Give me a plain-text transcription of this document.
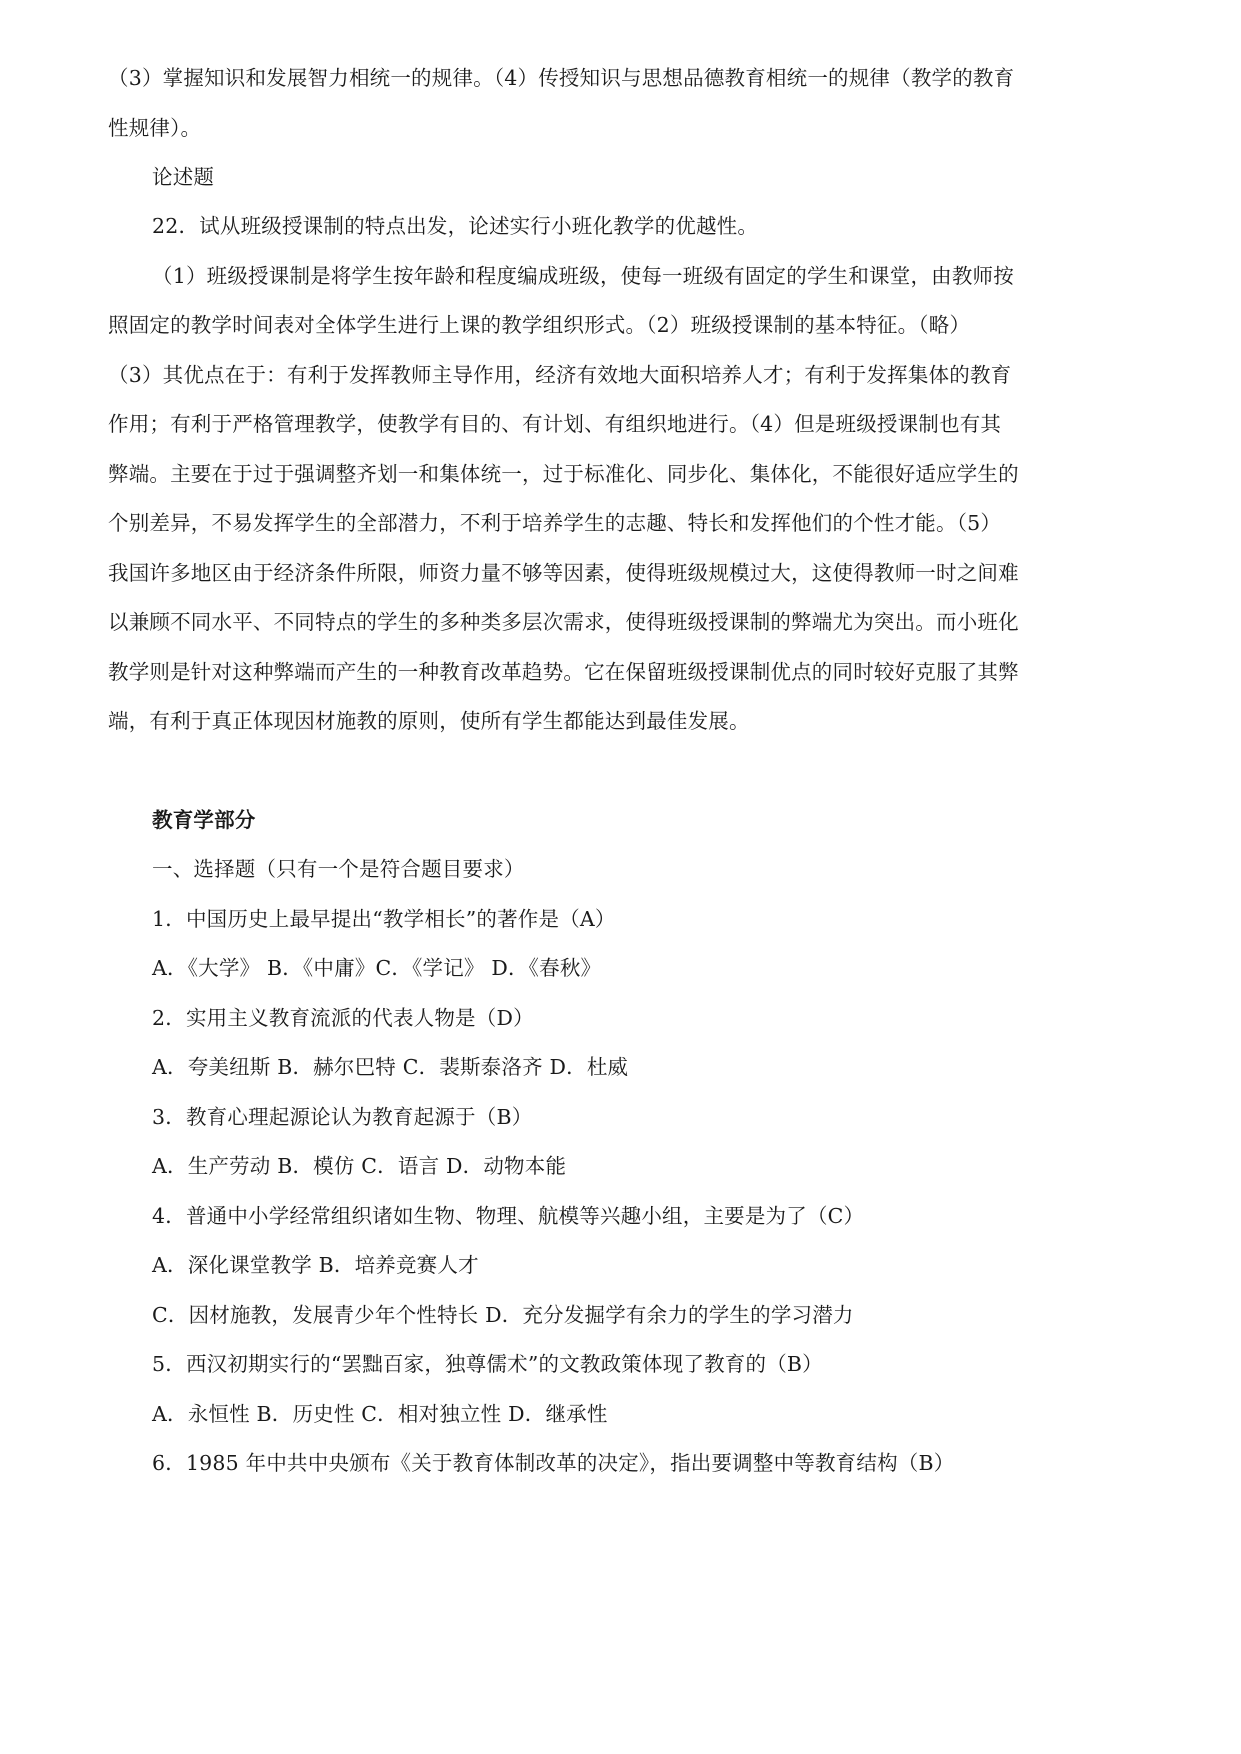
（3）掌握知识和发展智力相统一的规律。（4）传授知识与思想品德教育相统一的规律（教学的教育

性规律）。

论述题

22．试从班级授课制的特点出发，论述实行小班化教学的优越性。

（1）班级授课制是将学生按年龄和程度编成班级，使每一班级有固定的学生和课堂，由教师按

照固定的教学时间表对全体学生进行上课的教学组织形式。（2）班级授课制的基本特征。（略）

（3）其优点在于：有利于发挥教师主导作用，经济有效地大面积培养人才；有利于发挥集体的教育

作用；有利于严格管理教学，使教学有目的、有计划、有组织地进行。（4）但是班级授课制也有其

弊端。主要在于过于强调整齐划一和集体统一，过于标准化、同步化、集体化，不能很好适应学生的

个别差异，不易发挥学生的全部潜力，不利于培养学生的志趣、特长和发挥他们的个性才能。（5）

我国许多地区由于经济条件所限，师资力量不够等因素，使得班级规模过大，这使得教师一时之间难

以兼顾不同水平、不同特点的学生的多种类多层次需求，使得班级授课制的弊端尤为突出。而小班化

教学则是针对这种弊端而产生的一种教育改革趋势。它在保留班级授课制优点的同时较好克服了其弊

端，有利于真正体现因材施教的原则，使所有学生都能达到最佳发展。

教育学部分

一、选择题（只有一个是符合题目要求）

1．中国历史上最早提出“教学相长”的著作是（A）

A．《大学》 B．《中庸》C．《学记》 D．《春秋》

2．实用主义教育流派的代表人物是（D）

A．夸美纽斯 B．赫尔巴特 C．裴斯泰洛齐 D．杜威

3．教育心理起源论认为教育起源于（B）

A．生产劳动 B．模仿 C．语言 D．动物本能

4．普通中小学经常组织诸如生物、物理、航模等兴趣小组，主要是为了（C）

A．深化课堂教学 B．培养竞赛人才

C．因材施教，发展青少年个性特长 D．充分发掘学有余力的学生的学习潜力

5．西汉初期实行的“罢黜百家，独尊儒术”的文教政策体现了教育的（B）

A．永恒性 B．历史性 C．相对独立性 D．继承性

6．1985 年中共中央颁布《关于教育体制改革的决定》，指出要调整中等教育结构（B）
